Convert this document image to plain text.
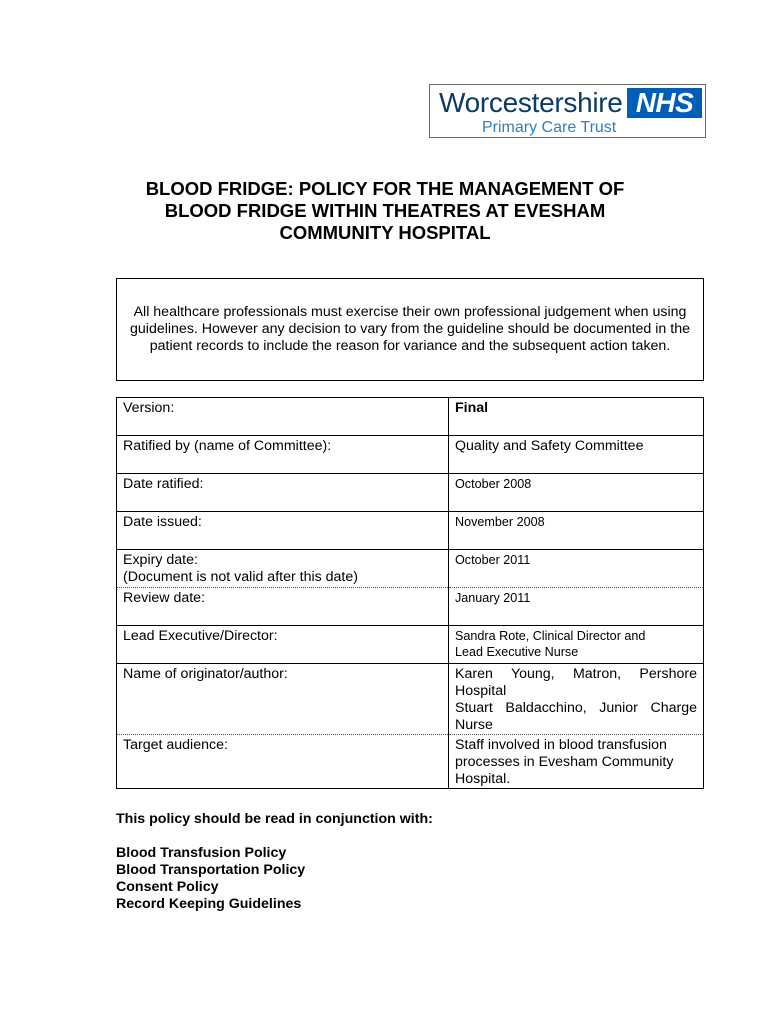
Worcestershire NHS
Primary Care Trust
BLOOD FRIDGE: POLICY FOR THE MANAGEMENT OF
BLOOD FRIDGE WITHIN THEATRES AT EVESHAM
COMMUNITY HOSPITAL

All healthcare professionals must exercise their own professional judgement when using guidelines. However any decision to vary from the guideline should be documented in the patient records to include the reason for variance and the subsequent action taken.

Version:	Final
Ratified by (name of Committee):	Quality and Safety Committee
Date ratified:	October 2008
Date issued:	November 2008

Expiry date:
(Document is not valid after this date)	October 2011
Review date:	January 2011
Lead Executive/Director:	Sandra Rote, Clinical Director and
Lead Executive Nurse

Name of originator/author:	Karen Young, Matron, Pershore Hospital
Stuart Baldacchino, Junior Charge Nurse

Target audience:	Staff involved in blood transfusion processes in Evesham Community Hospital.

This policy should be read in conjunction with:

Blood Transfusion Policy
Blood Transportation Policy
Consent Policy
Record Keeping Guidelines
